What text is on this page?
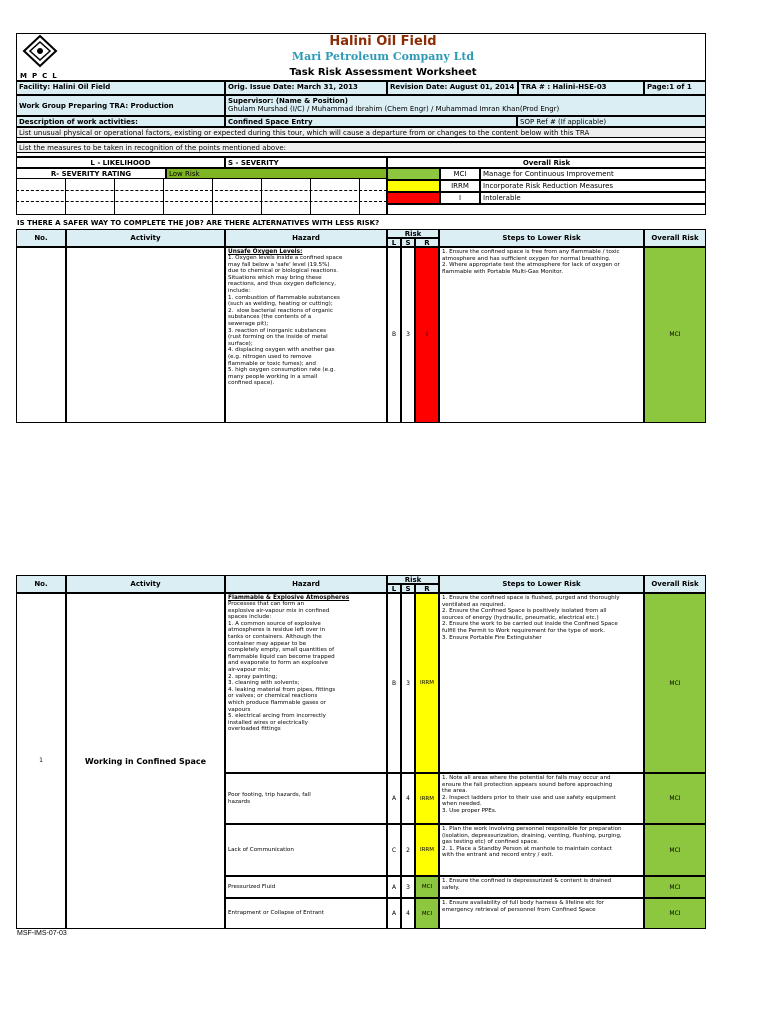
MPCL
Halini Oil Field
Mari Petroleum Company Ltd
Task Risk Assessment Worksheet
Facility: Halini Oil Field	Orig. Issue Date: March 31, 2013	Revision Date: August 01, 2014 TRA # : Halini-HSE-03	Page:1 of 1
Work Group Preparing TRA: Production
Supervisor: (Name & Position)
Ghulam Murshad (I/C) / Muhammad Ibrahim (Chem Engr) / Muhammad Imran Khan(Prod Engr)
Description of work activities:	Confined Space Entry	SOP Ref # (If applicable)
List unusual physical or operational factors, existing or expected during this tour, which will cause a departure from or changes to the content below with this TRA
List the measures to be taken in recognition of the points mentioned above:
L - LIKELIHOOD	S - SEVERITY	Overall Risk
R- SEVERITY RATING	Low Risk	MCI	Manage for Continuous Improvement
IRRM	Incorporate Risk Reduction Measures
I	Intolerable
IS THERE A SAFER WAY TO COMPLETE THE JOB? ARE THERE ALTERNATIVES WITH LESS RISK?
No.	Activity	Hazard
Risk
L	S	R
Steps to Lower Risk	Overall Risk
Unsafe Oxygen Levels:
1. Oxygen levels inside a confined space
may fall below a 'safe' level (19.5%)
due to chemical or biological reactions.
Situations which may bring these
reactions, and thus oxygen deficiency,
include:
1. combustion of flammable substances
(such as welding, heating or cutting);
2.  slow bacterial reactions of organic
substances (the contents of a
sewerage pit);
3. reaction of inorganic substances
(rust forming on the inside of metal
surface);
4. displacing oxygen with another gas
(e.g. nitrogen used to remove
flammable or toxic fumes); and
5. high oxygen consumption rate (e.g.
many people working in a small
confined space).
B	3	I
1. Ensure the confined space is free from any flammable / toxic
atmosphere and has sufficient oxygen for normal breathing.
2. Where appropriate test the atmosphere for lack of oxygen or
flammable with Portable Multi-Gas Monitor.
MCI
No.	Activity	Hazard
Risk
L	S	R
Steps to Lower Risk	Overall Risk
1	Working in Confined Space
Flammable & Explosive Atmospheres
Processes that can form an
explosive air-vapour mix in confined
spaces include:
1. A common source of explosive
atmospheres is residue left over in
tanks or containers. Although the
container may appear to be
completely empty, small quantities of
flammable liquid can become trapped
and evaporate to form an explosive
air-vapour mix;
2. spray painting;
3. cleaning with solvents;
4. leaking material from pipes, fittings
or valves; or chemical reactions
which produce flammable gases or
vapours
5. electrical arcing from incorrectly
installed wires or electrically
overloaded fittings
B	3	IRRM
1. Ensure the confined space is flushed, purged and thoroughly
ventilated as required.
2. Ensure the Confined Space is positively isolated from all
sources of energy (hydraulic, pneumatic, electrical etc.)
2. Ensure the work to be carried out inside the Confined Space
fulfill the Permit to Work requirement for the type of work.
3. Ensure Portable Fire Extinguisher
MCI
Poor footing, trip hazards, fall
hazards	A	4	IRRM
1. Note all areas where the potential for falls may occur and
ensure the fall protection appears sound before approaching
the area.
2. Inspect ladders prior to their use and use safety equipment
when needed.
3. Use proper PPEs.
MCI
Lack of Communication	C	2	IRRM
1. Plan the work involving personnel responsible for preparation
(isolation, depressurization, draining, venting, flushing, purging,
gas testing etc) of confined space.
2. 1. Place a Standby Person at manhole to maintain contact
with the entrant and record entry / exit.
MCI
Pressurized Fluid	A	3	MCI
1. Ensure the confined is depressurized & content is drained
safely.	MCI
Entrapment or Collapse of Entrant	A	4	MCI
1. Ensure availability of full body harness & lifeline etc for
emergency retrieval of personnel from Confined Space
MCI
MSF-IMS-07-03
